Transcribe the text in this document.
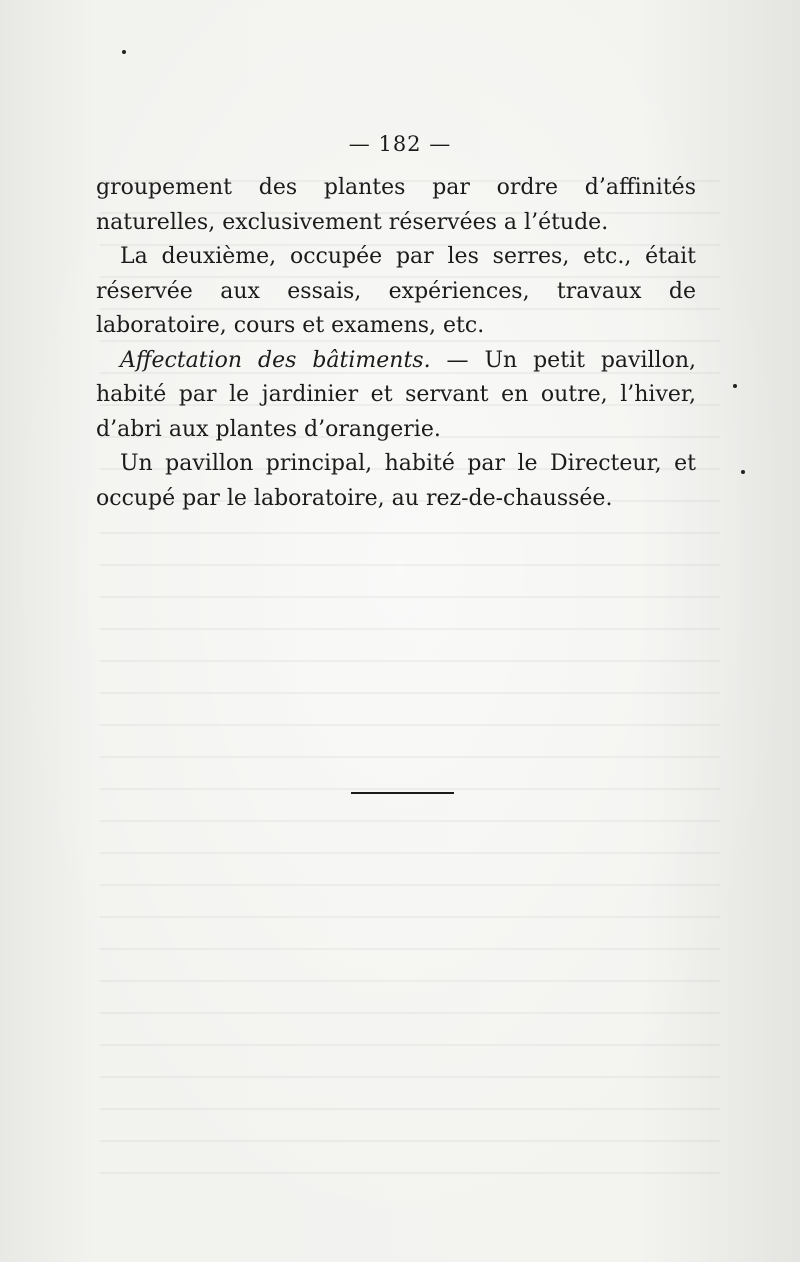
— 182 —

groupement des plantes par ordre d’affinités naturelles, exclusivement réservées a l’étude.

La deuxième, occupée par les serres, etc., était réservée aux essais, expériences, travaux de laboratoire, cours et examens, etc.

Affectation des bâtiments. — Un petit pavillon, habité par le jardinier et servant en outre, l’hiver, d’abri aux plantes d’orangerie.

Un pavillon principal, habité par le Directeur, et occupé par le laboratoire, au rez-de-chaussée.
